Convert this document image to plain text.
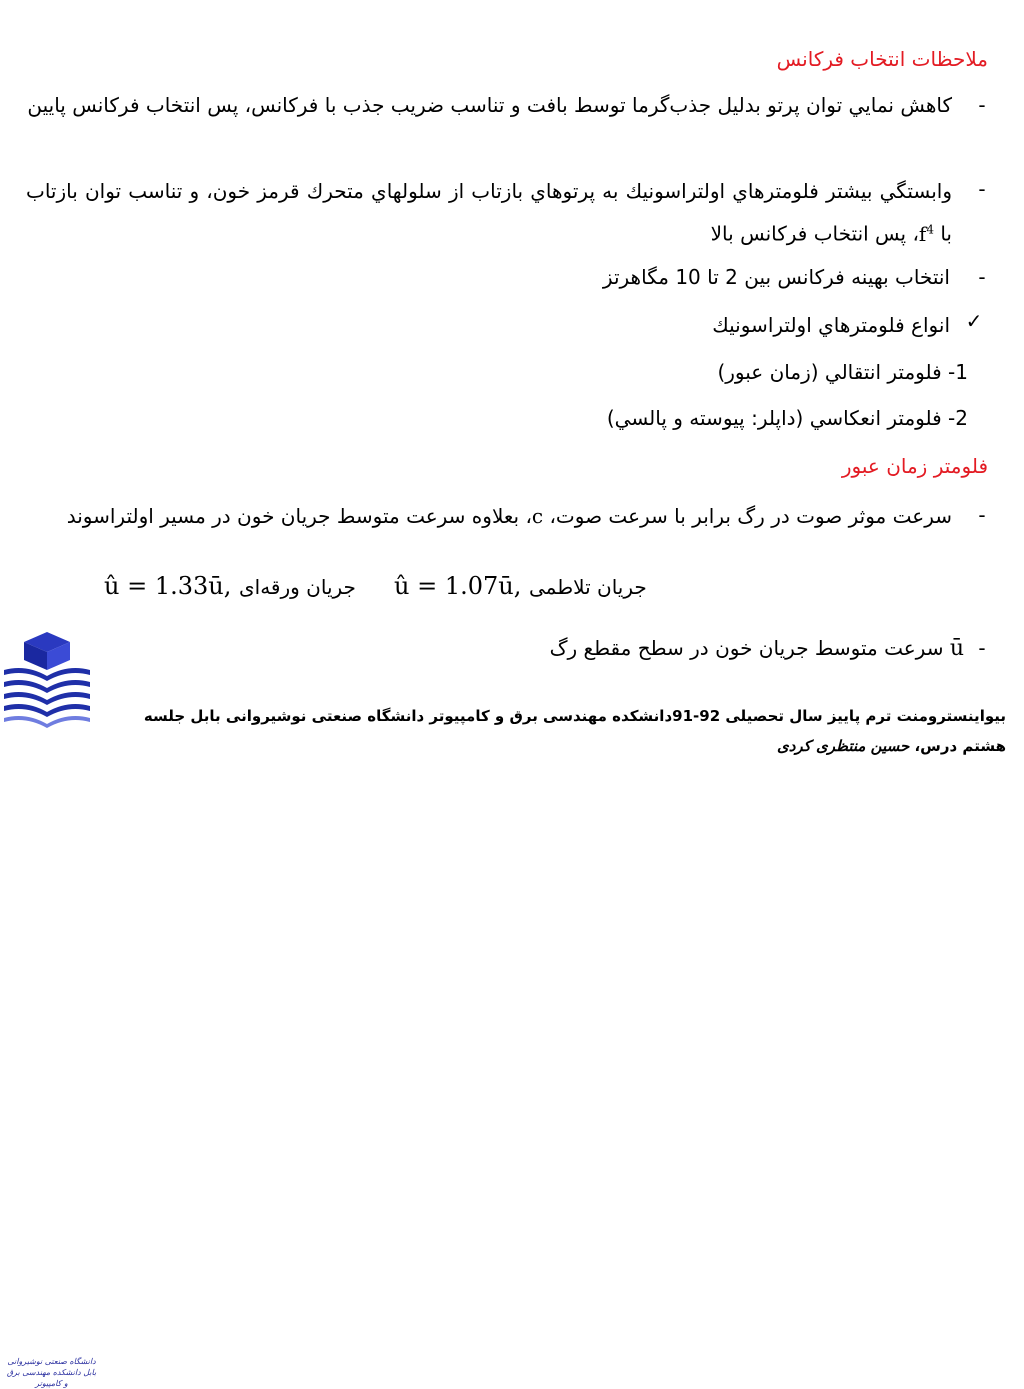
ملاحظات انتخاب فرکانس
-
كاهش نمايي توان پرتو بدليل جذب‌گرما توسط بافت و تناسب ضریب جذب با فرکانس، پس انتخاب فرکانس پایین
-
وابستگي بيشتر فلومترهاي اولتراسونيك به پرتوهاي بازتاب از سلولهاي متحرك قرمز خون، و تناسب توان بازتاب با $f^4،$ پس انتخاب فرکانس بالا
-
انتخاب بهينه فرکانس بين 2 تا 10 مگاهرتز
✓
انواع فلومترهاي اولتراسونيك
1- فلومتر انتقالي (زمان عبور)
2- فلومتر انعكاسي (داپلر: پيوسته و پالسي)
فلومتر زمان عبور
-
سرعت موثر صوت در رگ برابر با سرعت صوت، c، بعلاوه سرعت متوسط جريان خون در مسير اولتراسوند
û = 1.33ū, جریان ورقه‌ای û = 1.07ū, جریان تلاطمی
-
ū سرعت متوسط جريان خون در سطح مقطع رگ
دانشگاه صنعتی نوشیروانی بابل دانشکده مهندسی برق و کامپیوتر
بیواینسترومنت ترم پاییز سال تحصیلی 92-91دانشکده مهندسی برق و کامپیوتر دانشگاه صنعتی نوشیروانی بابل جلسه
هشتم درس، حسین منتظری کردی
